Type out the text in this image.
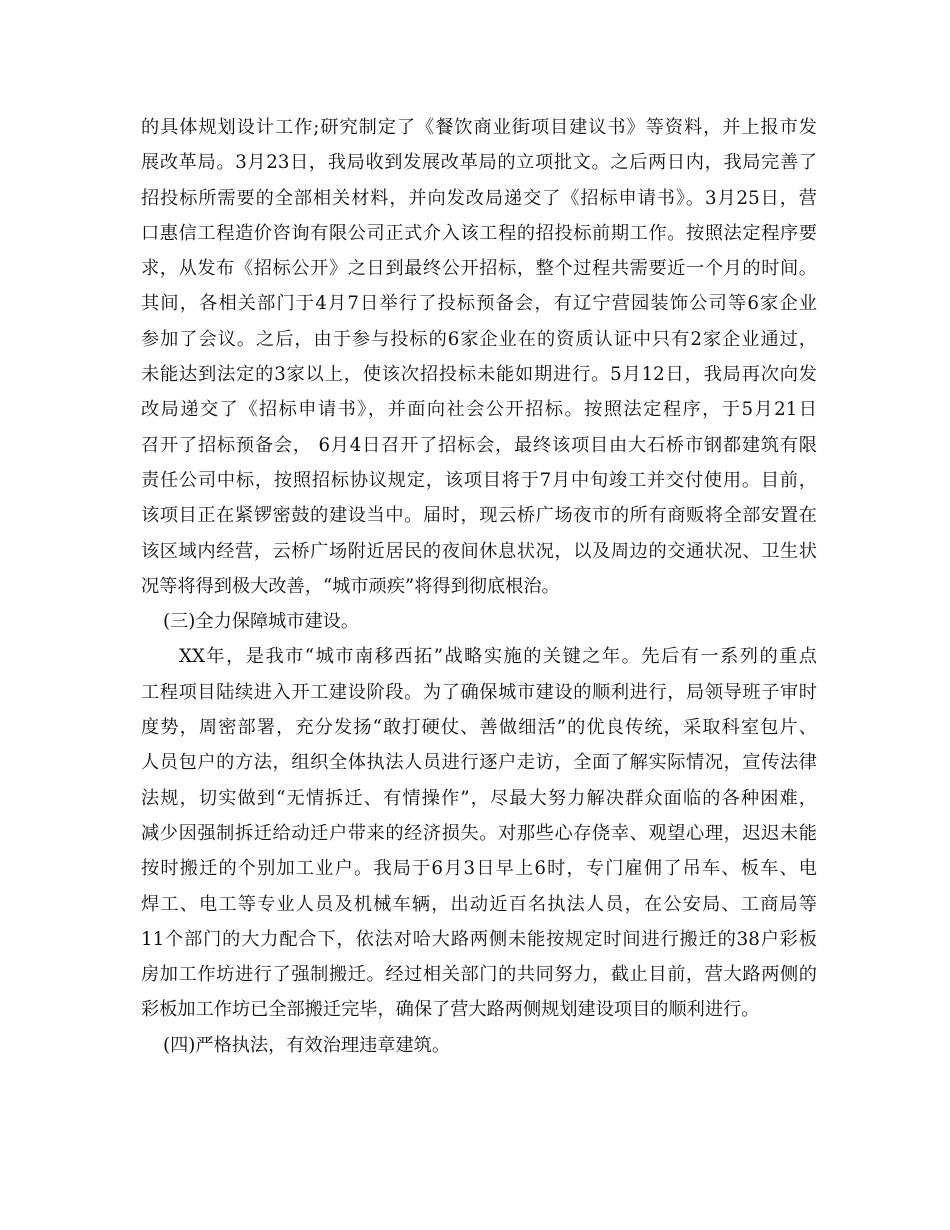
的具体规划设计工作;研究制定了《餐饮商业街项目建议书》等资料，并上报市发
展改革局。3月23日，我局收到发展改革局的立项批文。之后两日内，我局完善了
招投标所需要的全部相关材料，并向发改局递交了《招标申请书》。3月25日，营
口惠信工程造价咨询有限公司正式介入该工程的招投标前期工作。按照法定程序要
求，从发布《招标公开》之日到最终公开招标，整个过程共需要近一个月的时间。
其间，各相关部门于4月7日举行了投标预备会，有辽宁营园装饰公司等6家企业
参加了会议。之后，由于参与投标的6家企业在的资质认证中只有2家企业通过，
未能达到法定的3家以上，使该次招投标未能如期进行。5月12日，我局再次向发
改局递交了《招标申请书》，并面向社会公开招标。按照法定程序，于5月21日
召开了招标预备会， 6月4日召开了招标会，最终该项目由大石桥市钢都建筑有限
责任公司中标，按照招标协议规定，该项目将于7月中旬竣工并交付使用。目前，
该项目正在紧锣密鼓的建设当中。届时，现云桥广场夜市的所有商贩将全部安置在
该区域内经营，云桥广场附近居民的夜间休息状况，以及周边的交通状况、卫生状
况等将得到极大改善，“城市顽疾”将得到彻底根治。
(三)全力保障城市建设。
XX年，是我市“城市南移西拓”战略实施的关键之年。先后有一系列的重点
工程项目陆续进入开工建设阶段。为了确保城市建设的顺利进行，局领导班子审时
度势，周密部署，充分发扬“敢打硬仗、善做细活”的优良传统，采取科室包片、
人员包户的方法，组织全体执法人员进行逐户走访，全面了解实际情况，宣传法律
法规，切实做到“无情拆迁、有情操作”，尽最大努力解决群众面临的各种困难，
减少因强制拆迁给动迁户带来的经济损失。对那些心存侥幸、观望心理，迟迟未能
按时搬迁的个别加工业户。我局于6月3日早上6时，专门雇佣了吊车、板车、电
焊工、电工等专业人员及机械车辆，出动近百名执法人员，在公安局、工商局等
11个部门的大力配合下，依法对哈大路两侧未能按规定时间进行搬迁的38户彩板
房加工作坊进行了强制搬迁。经过相关部门的共同努力，截止目前，营大路两侧的
彩板加工作坊已全部搬迁完毕，确保了营大路两侧规划建设项目的顺利进行。
(四)严格执法，有效治理违章建筑。
